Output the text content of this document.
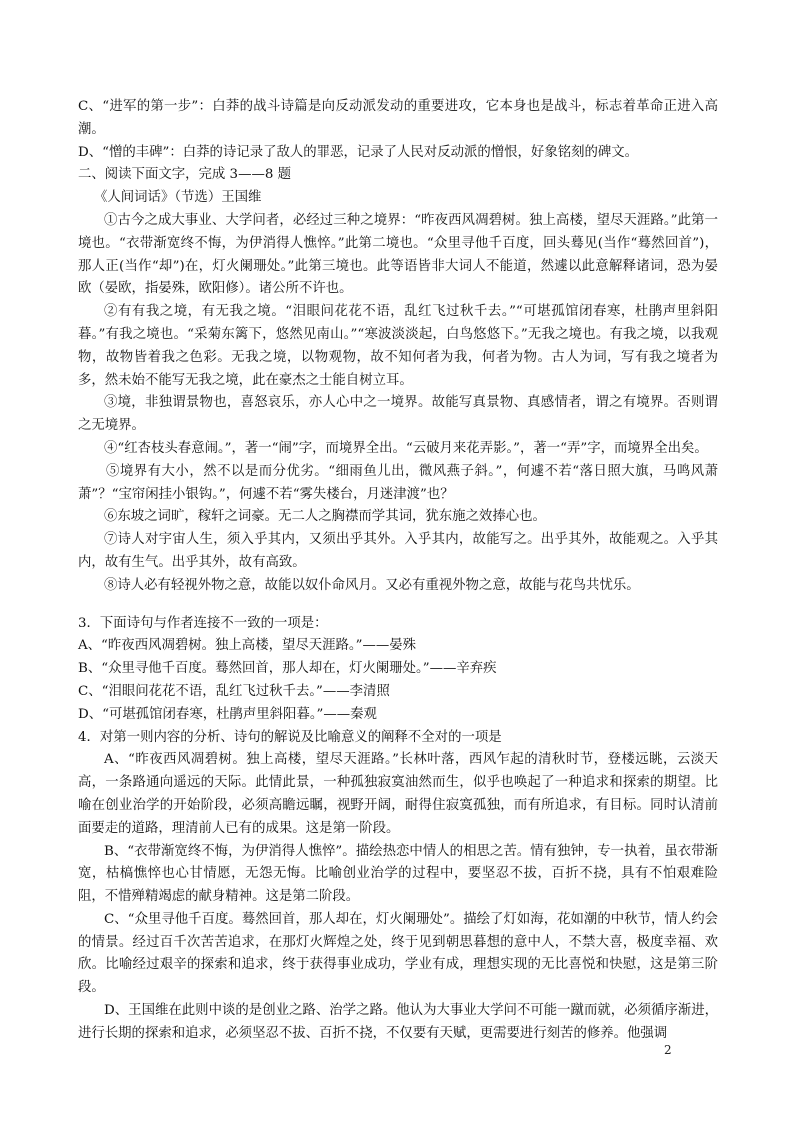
C、“进军的第一步”：白莽的战斗诗篇是向反动派发动的重要进攻，它本身也是战斗，标志着革命正进入高潮。

D、“憎的丰碑”：白莽的诗记录了敌人的罪恶，记录了人民对反动派的憎恨，好象铭刻的碑文。

二、阅读下面文字，完成 3——8 题

《人间词话》（节选）王国维

①古今之成大事业、大学问者，必经过三种之境界：“昨夜西风凋碧树。独上高楼，望尽天涯路。”此第一境也。“衣带渐宽终不悔，为伊消得人憔悴。”此第二境也。“众里寻他千百度，回头蓦见(当作“蓦然回首”)，那人正(当作“却”)在，灯火阑珊处。”此第三境也。此等语皆非大词人不能道，然遽以此意解释诸词，恐为晏欧（晏欧，指晏殊，欧阳修）。诸公所不许也。

②有有我之境，有无我之境。“泪眼问花花不语，乱红飞过秋千去。”“可堪孤馆闭春寒，杜鹃声里斜阳暮。”有我之境也。“采菊东篱下，悠然见南山。”“寒波淡淡起，白鸟悠悠下。”无我之境也。有我之境，以我观物，故物皆着我之色彩。无我之境，以物观物，故不知何者为我，何者为物。古人为词，写有我之境者为多，然未始不能写无我之境，此在豪杰之士能自树立耳。

③境，非独谓景物也，喜怒哀乐，亦人心中之一境界。故能写真景物、真感情者，谓之有境界。否则谓之无境界。

④“红杏枝头春意闹。”，著一“闹”字，而境界全出。“云破月来花弄影。”，著一“弄”字，而境界全出矣。

⑤境界有大小，然不以是而分优劣。“细雨鱼儿出，微风燕子斜。”，何遽不若“落日照大旗，马鸣风萧萧”？“宝帘闲挂小银钩。”，何遽不若“雾失楼台，月迷津渡”也？

⑥东坡之词旷，稼轩之词豪。无二人之胸襟而学其词，犹东施之效捧心也。

⑦诗人对宇宙人生，须入乎其内，又须出乎其外。入乎其内，故能写之。出乎其外，故能观之。入乎其内，故有生气。出乎其外，故有高致。

⑧诗人必有轻视外物之意，故能以奴仆命风月。又必有重视外物之意，故能与花鸟共忧乐。

3．下面诗句与作者连接不一致的一项是：

A、“昨夜西风凋碧树。独上高楼，望尽天涯路。”——晏殊

B、“众里寻他千百度。蓦然回首，那人却在，灯火阑珊处。”——辛弃疾

C、“泪眼问花花不语，乱红飞过秋千去。”——李清照

D、“可堪孤馆闭春寒，杜鹃声里斜阳暮。”——秦观

4．对第一则内容的分析、诗句的解说及比喻意义的阐释不全对的一项是

A、“昨夜西风凋碧树。独上高楼，望尽天涯路。”长林叶落，西风乍起的清秋时节，登楼远眺，云淡天高，一条路通向遥远的天际。此情此景，一种孤独寂寞油然而生，似乎也唤起了一种追求和探索的期望。比喻在创业治学的开始阶段，必须高瞻远瞩，视野开阔，耐得住寂寞孤独，而有所追求，有目标。同时认清前面要走的道路，理清前人已有的成果。这是第一阶段。

B、“衣带渐宽终不悔，为伊消得人憔悴”。描绘热恋中情人的相思之苦。情有独钟，专一执着，虽衣带渐宽，枯槁憔悴也心甘情愿，无怨无悔。比喻创业治学的过程中，要坚忍不拔，百折不挠，具有不怕艰难险阻，不惜殚精竭虑的献身精神。这是第二阶段。

C、“众里寻他千百度。蓦然回首，那人却在，灯火阑珊处”。描绘了灯如海，花如潮的中秋节，情人约会的情景。经过百千次苦苦追求，在那灯火辉煌之处，终于见到朝思暮想的意中人，不禁大喜，极度幸福、欢欣。比喻经过艰辛的探索和追求，终于获得事业成功，学业有成，理想实现的无比喜悦和快慰，这是第三阶段。

D、王国维在此则中谈的是创业之路、治学之路。他认为大事业大学问不可能一蹴而就，必须循序渐进，进行长期的探索和追求，必须坚忍不拔、百折不挠，不仅要有天赋，更需要进行刻苦的修养。他强调

2
